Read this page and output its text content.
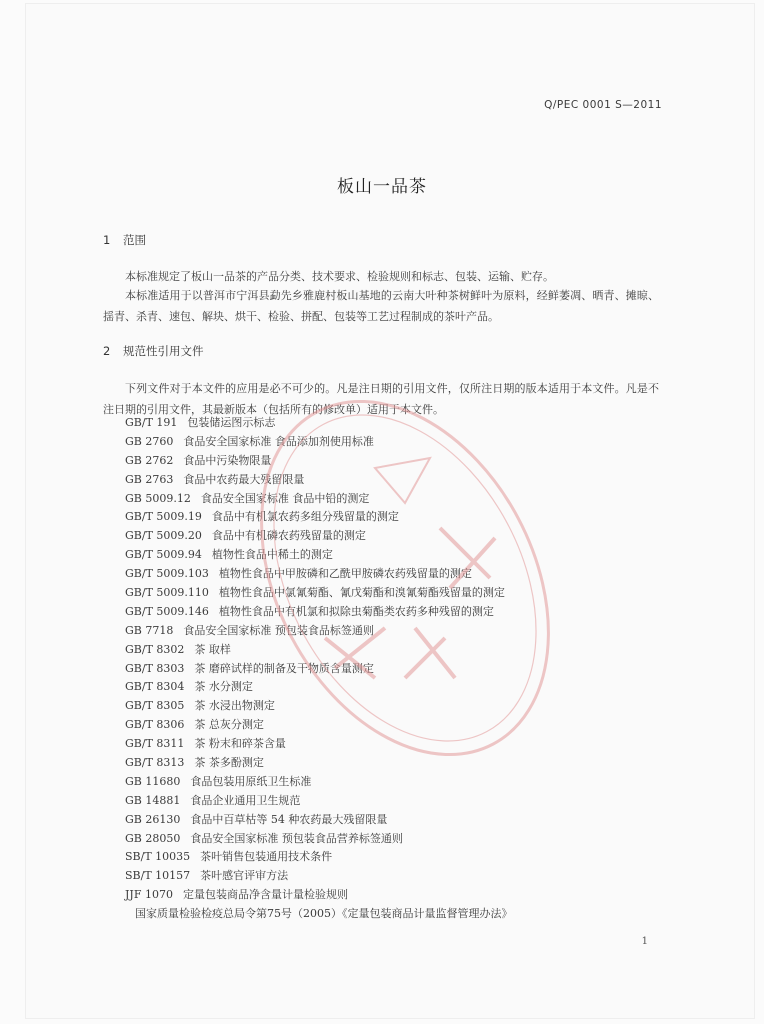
Q/PEC 0001 S—2011
板山一品茶
1 范围
本标准规定了板山一品茶的产品分类、技术要求、检验规则和标志、包装、运输、贮存。
本标准适用于以普洱市宁洱县勐先乡雅鹿村板山基地的云南大叶种茶树鲜叶为原料，经鲜萎凋、晒青、摊晾、揺青、杀青、速包、解块、烘干、检验、拼配、包装等工艺过程制成的茶叶产品。
2 规范性引用文件
下列文件对于本文件的应用是必不可少的。凡是注日期的引用文件，仅所注日期的版本适用于本文件。凡是不注日期的引用文件，其最新版本（包括所有的修改单）适用于本文件。
GB/T 191 包装储运图示标志
GB 2760 食品安全国家标准 食品添加剂使用标准
GB 2762 食品中污染物限量
GB 2763 食品中农药最大残留限量
GB 5009.12 食品安全国家标准 食品中铅的测定
GB/T 5009.19 食品中有机氯农药多组分残留量的测定
GB/T 5009.20 食品中有机磷农药残留量的测定
GB/T 5009.94 植物性食品中稀土的测定
GB/T 5009.103 植物性食品中甲胺磷和乙酰甲胺磷农药残留量的测定
GB/T 5009.110 植物性食品中氯氰菊酯、氰戊菊酯和溴氰菊酯残留量的测定
GB/T 5009.146 植物性食品中有机氯和拟除虫菊酯类农药多种残留的测定
GB 7718 食品安全国家标准 预包装食品标签通则
GB/T 8302 茶 取样
GB/T 8303 茶 磨碎试样的制备及干物质含量测定
GB/T 8304 茶 水分测定
GB/T 8305 茶 水浸出物测定
GB/T 8306 茶 总灰分测定
GB/T 8311 茶 粉末和碎茶含量
GB/T 8313 茶 茶多酚测定
GB 11680 食品包装用原纸卫生标准
GB 14881 食品企业通用卫生规范
GB 26130 食品中百草枯等 54 种农药最大残留限量
GB 28050 食品安全国家标准 预包装食品营养标签通则
SB/T 10035 茶叶销售包装通用技术条件
SB/T 10157 茶叶感官评审方法
JJF 1070 定量包装商品净含量计量检验规则
国家质量检验检疫总局令第75号（2005）《定量包装商品计量监督管理办法》
1
